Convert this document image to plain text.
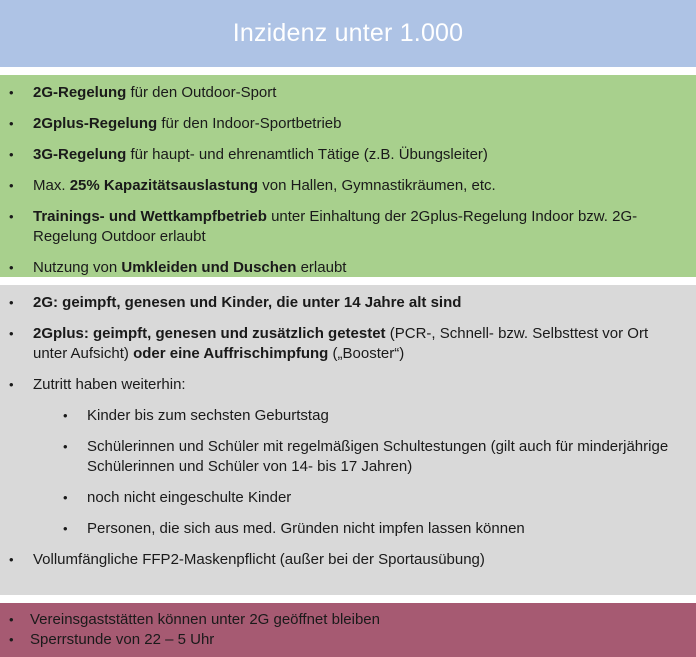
Inzidenz unter 1.000
• 2G-Regelung für den Outdoor-Sport
• 2Gplus-Regelung für den Indoor-Sportbetrieb
• 3G-Regelung für haupt- und ehrenamtlich Tätige (z.B. Übungsleiter)
• Max. 25% Kapazitätsauslastung von Hallen, Gymnastikräumen, etc.
• Trainings- und Wettkampfbetrieb unter Einhaltung der 2Gplus-Regelung Indoor bzw. 2G-Regelung Outdoor erlaubt
• Nutzung von Umkleiden und Duschen erlaubt
• 2G: geimpft, genesen und Kinder, die unter 14 Jahre alt sind
• 2Gplus: geimpft, genesen und zusätzlich getestet (PCR-, Schnell- bzw. Selbsttest vor Ort unter Aufsicht) oder eine Auffrischimpfung („Booster“)
• Zutritt haben weiterhin:
• Kinder bis zum sechsten Geburtstag
• Schülerinnen und Schüler mit regelmäßigen Schultestungen (gilt auch für minderjährige Schülerinnen und Schüler von 14- bis 17 Jahren)
• noch nicht eingeschulte Kinder
• Personen, die sich aus med. Gründen nicht impfen lassen können
• Vollumfängliche FFP2-Maskenpflicht (außer bei der Sportausübung)
• Vereinsgaststätten können unter 2G geöffnet bleiben
• Sperrstunde von 22 – 5 Uhr
